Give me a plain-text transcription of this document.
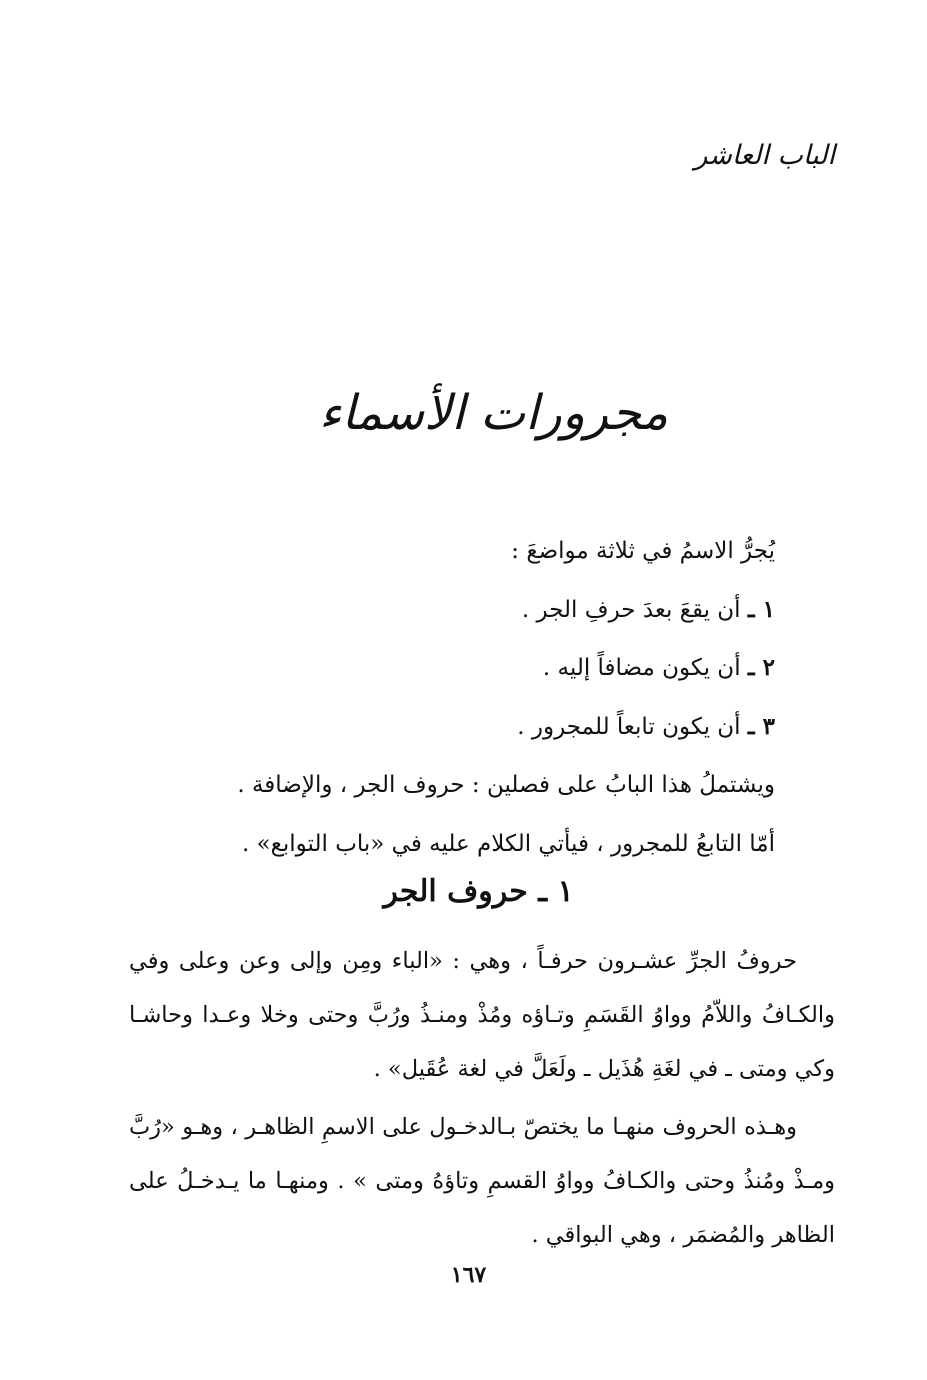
الباب العاشر
مجرورات الأسماء

يُجرُّ الاسمُ في ثلاثة مواضعَ :

١ ـ أن يقعَ بعدَ حرفِ الجر .

٢ ـ أن يكون مضافاً إليه .

٣ ـ أن يكون تابعاً للمجرور .

ويشتملُ هذا البابُ على فصلين : حروف الجر ، والإضافة .

أمّا التابعُ للمجرور ، فيأتي الكلام عليه في «باب التوابع» .

١ ـ حروف الجر

حروفُ الجرِّ عشـرون حرفـاً ، وهي : «الباء ومِن وإلى وعن وعلى وفي والكـافُ واللاّمُ وواوُ القَسَمِ وتـاؤه ومُذْ ومنـذُ ورُبَّ وحتى وخلا وعـدا وحاشـا وكي ومتى ـ في لغَةِ هُذَيل ـ ولَعَلَّ في لغة عُقَيل» .

وهـذه الحروف منهـا ما يختصّ بـالدخـول على الاسمِ الظاهـر ، وهـو «رُبَّ ومـذْ ومُنذُ وحتى والكـافُ وواوُ القسمِ وتاؤهُ ومتى » . ومنهـا ما يـدخـلُ على الظاهر والمُضمَر ، وهي البواقي .

١٦٧
